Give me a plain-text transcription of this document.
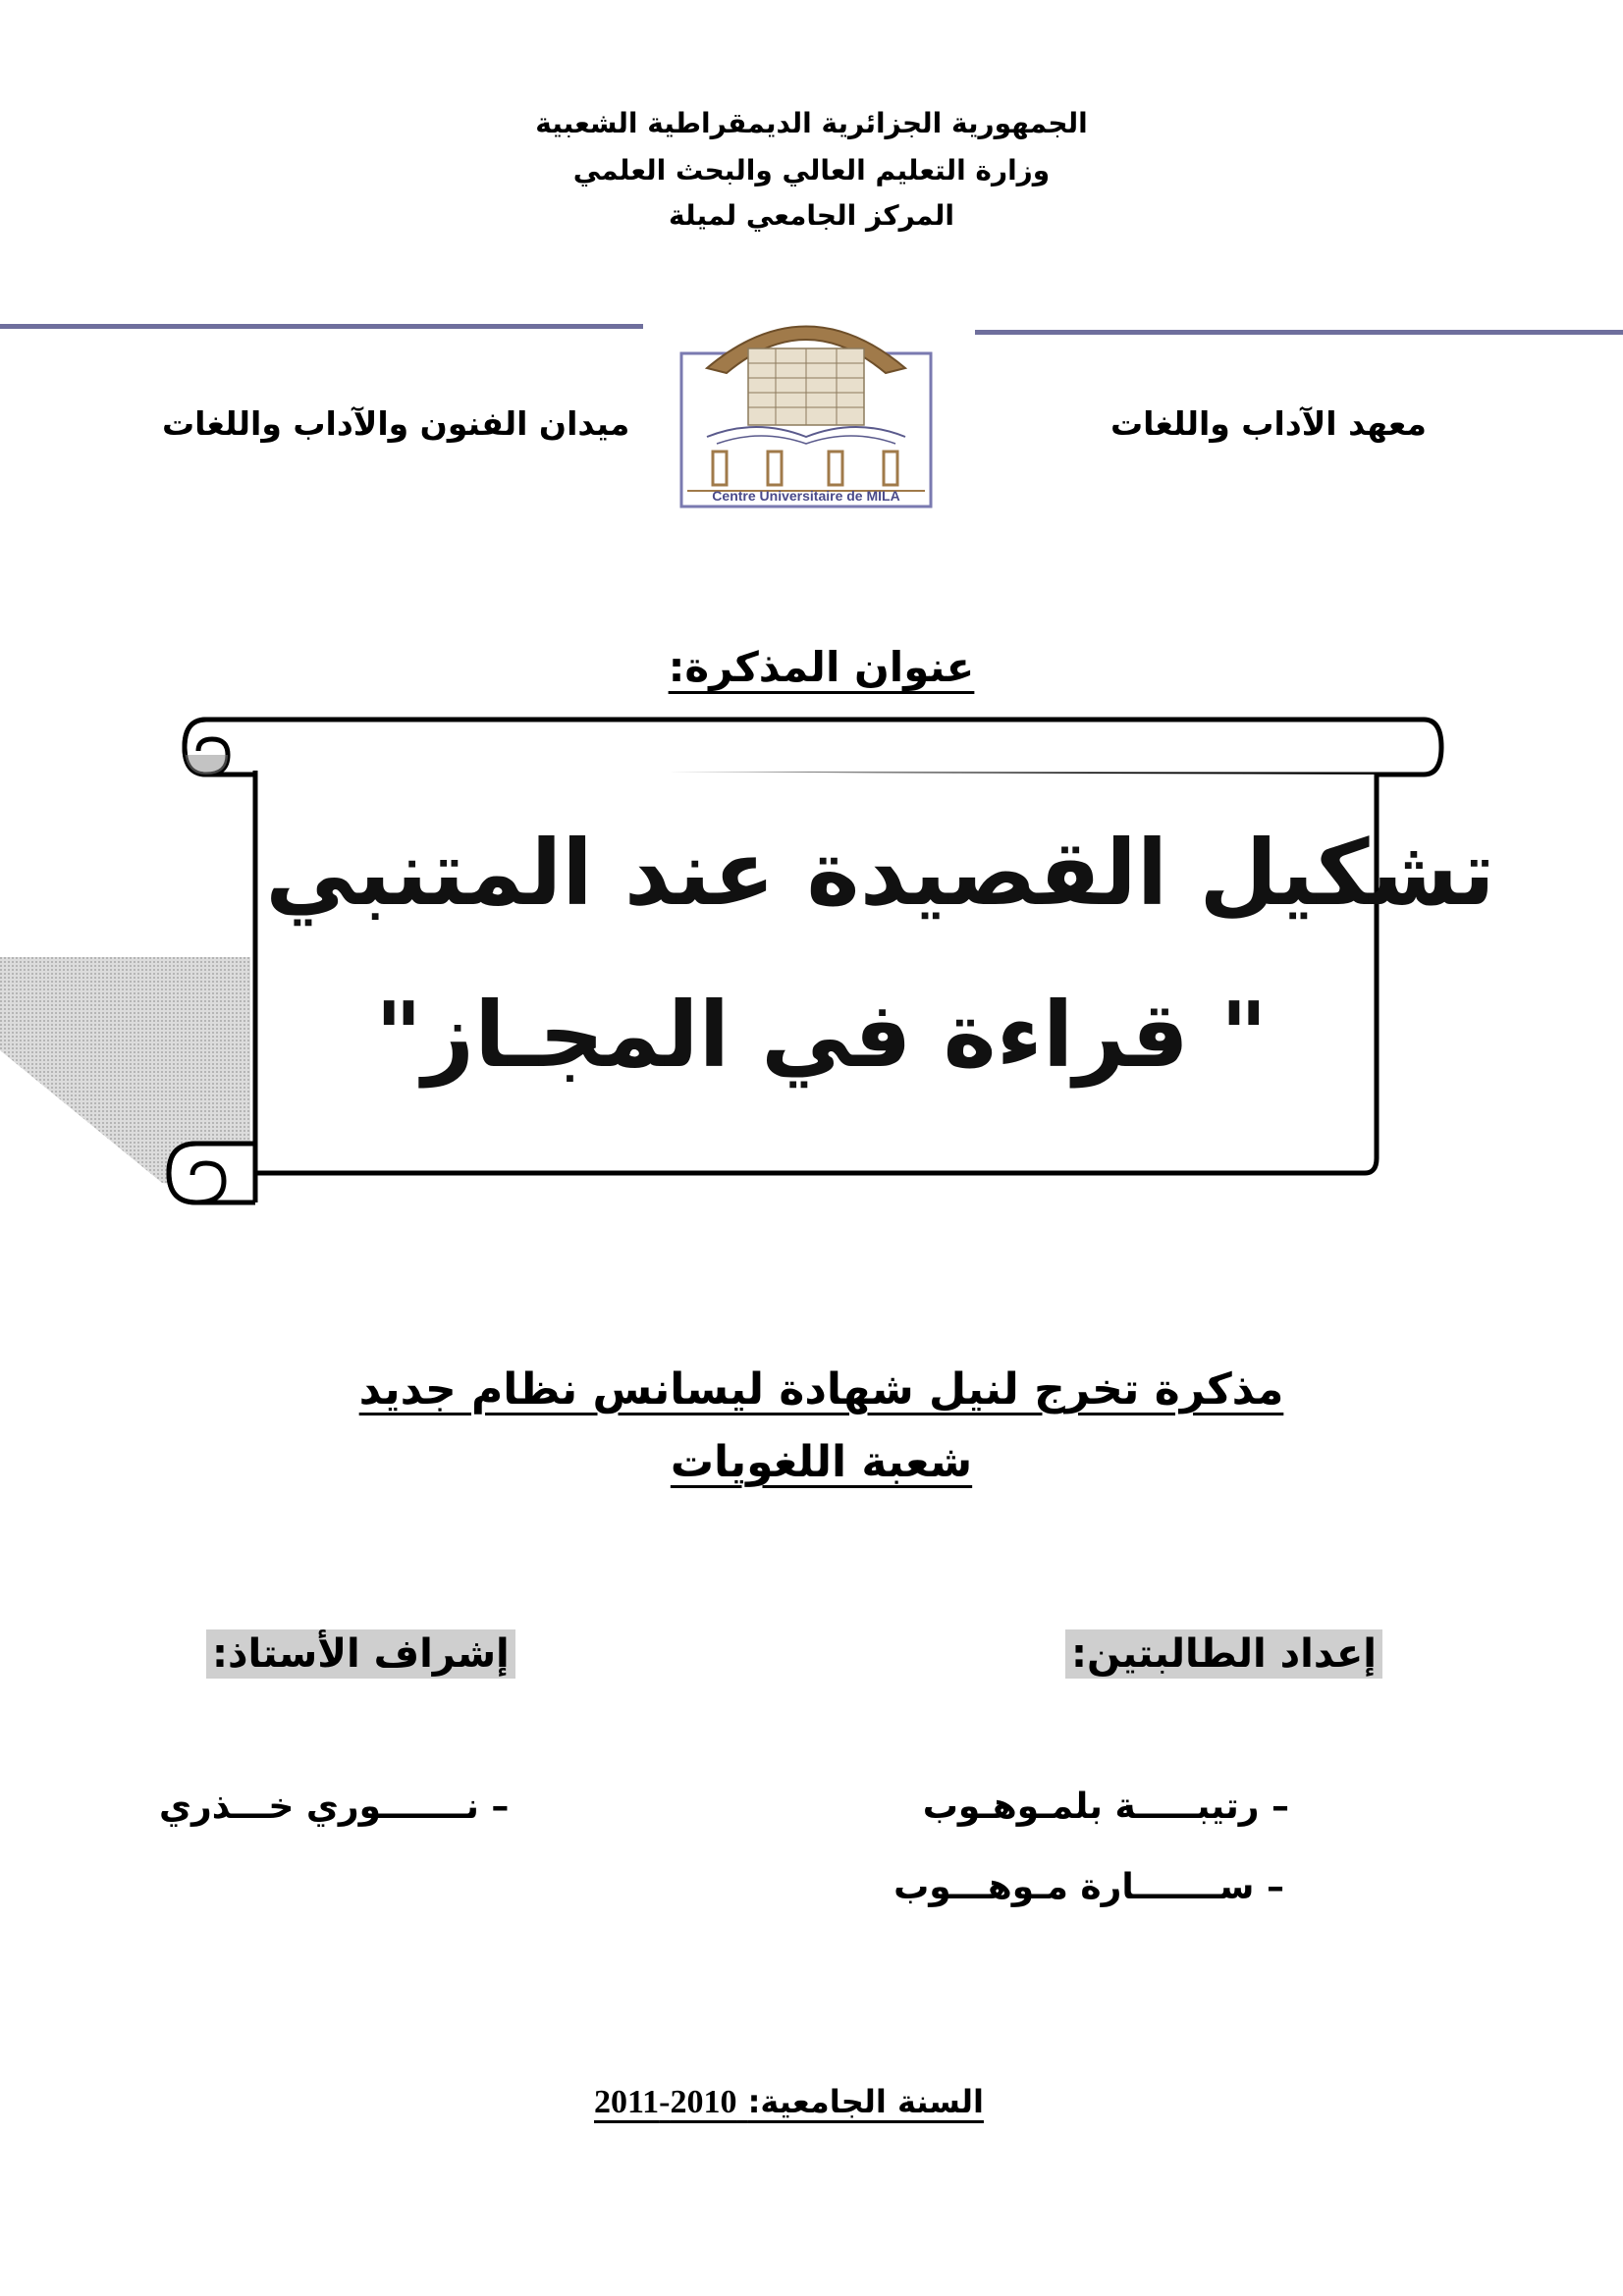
الجمهورية الجزائرية الديمقراطية الشعبية
وزارة التعليم العالي والبحث العلمي
المركز الجامعي لميلة
معهد الآداب واللغات
ميدان الفنون والآداب واللغات
Centre Universitaire de MILA
عنوان المذكرة:
تشكيل القصيدة عند المتنبي
" قراءة في المجـاز"
مذكرة تخرج لنيل شهادة ليسانس نظام جديد
شعبة اللغويات
إعداد الطالبتين:
إشراف الأستاذ:
– رتيبـــــة بلمـوهـوب
– ســـــــارة مـوهـــوب
– نـــــــوري خـــذري
السنة الجامعية: 2010-2011
